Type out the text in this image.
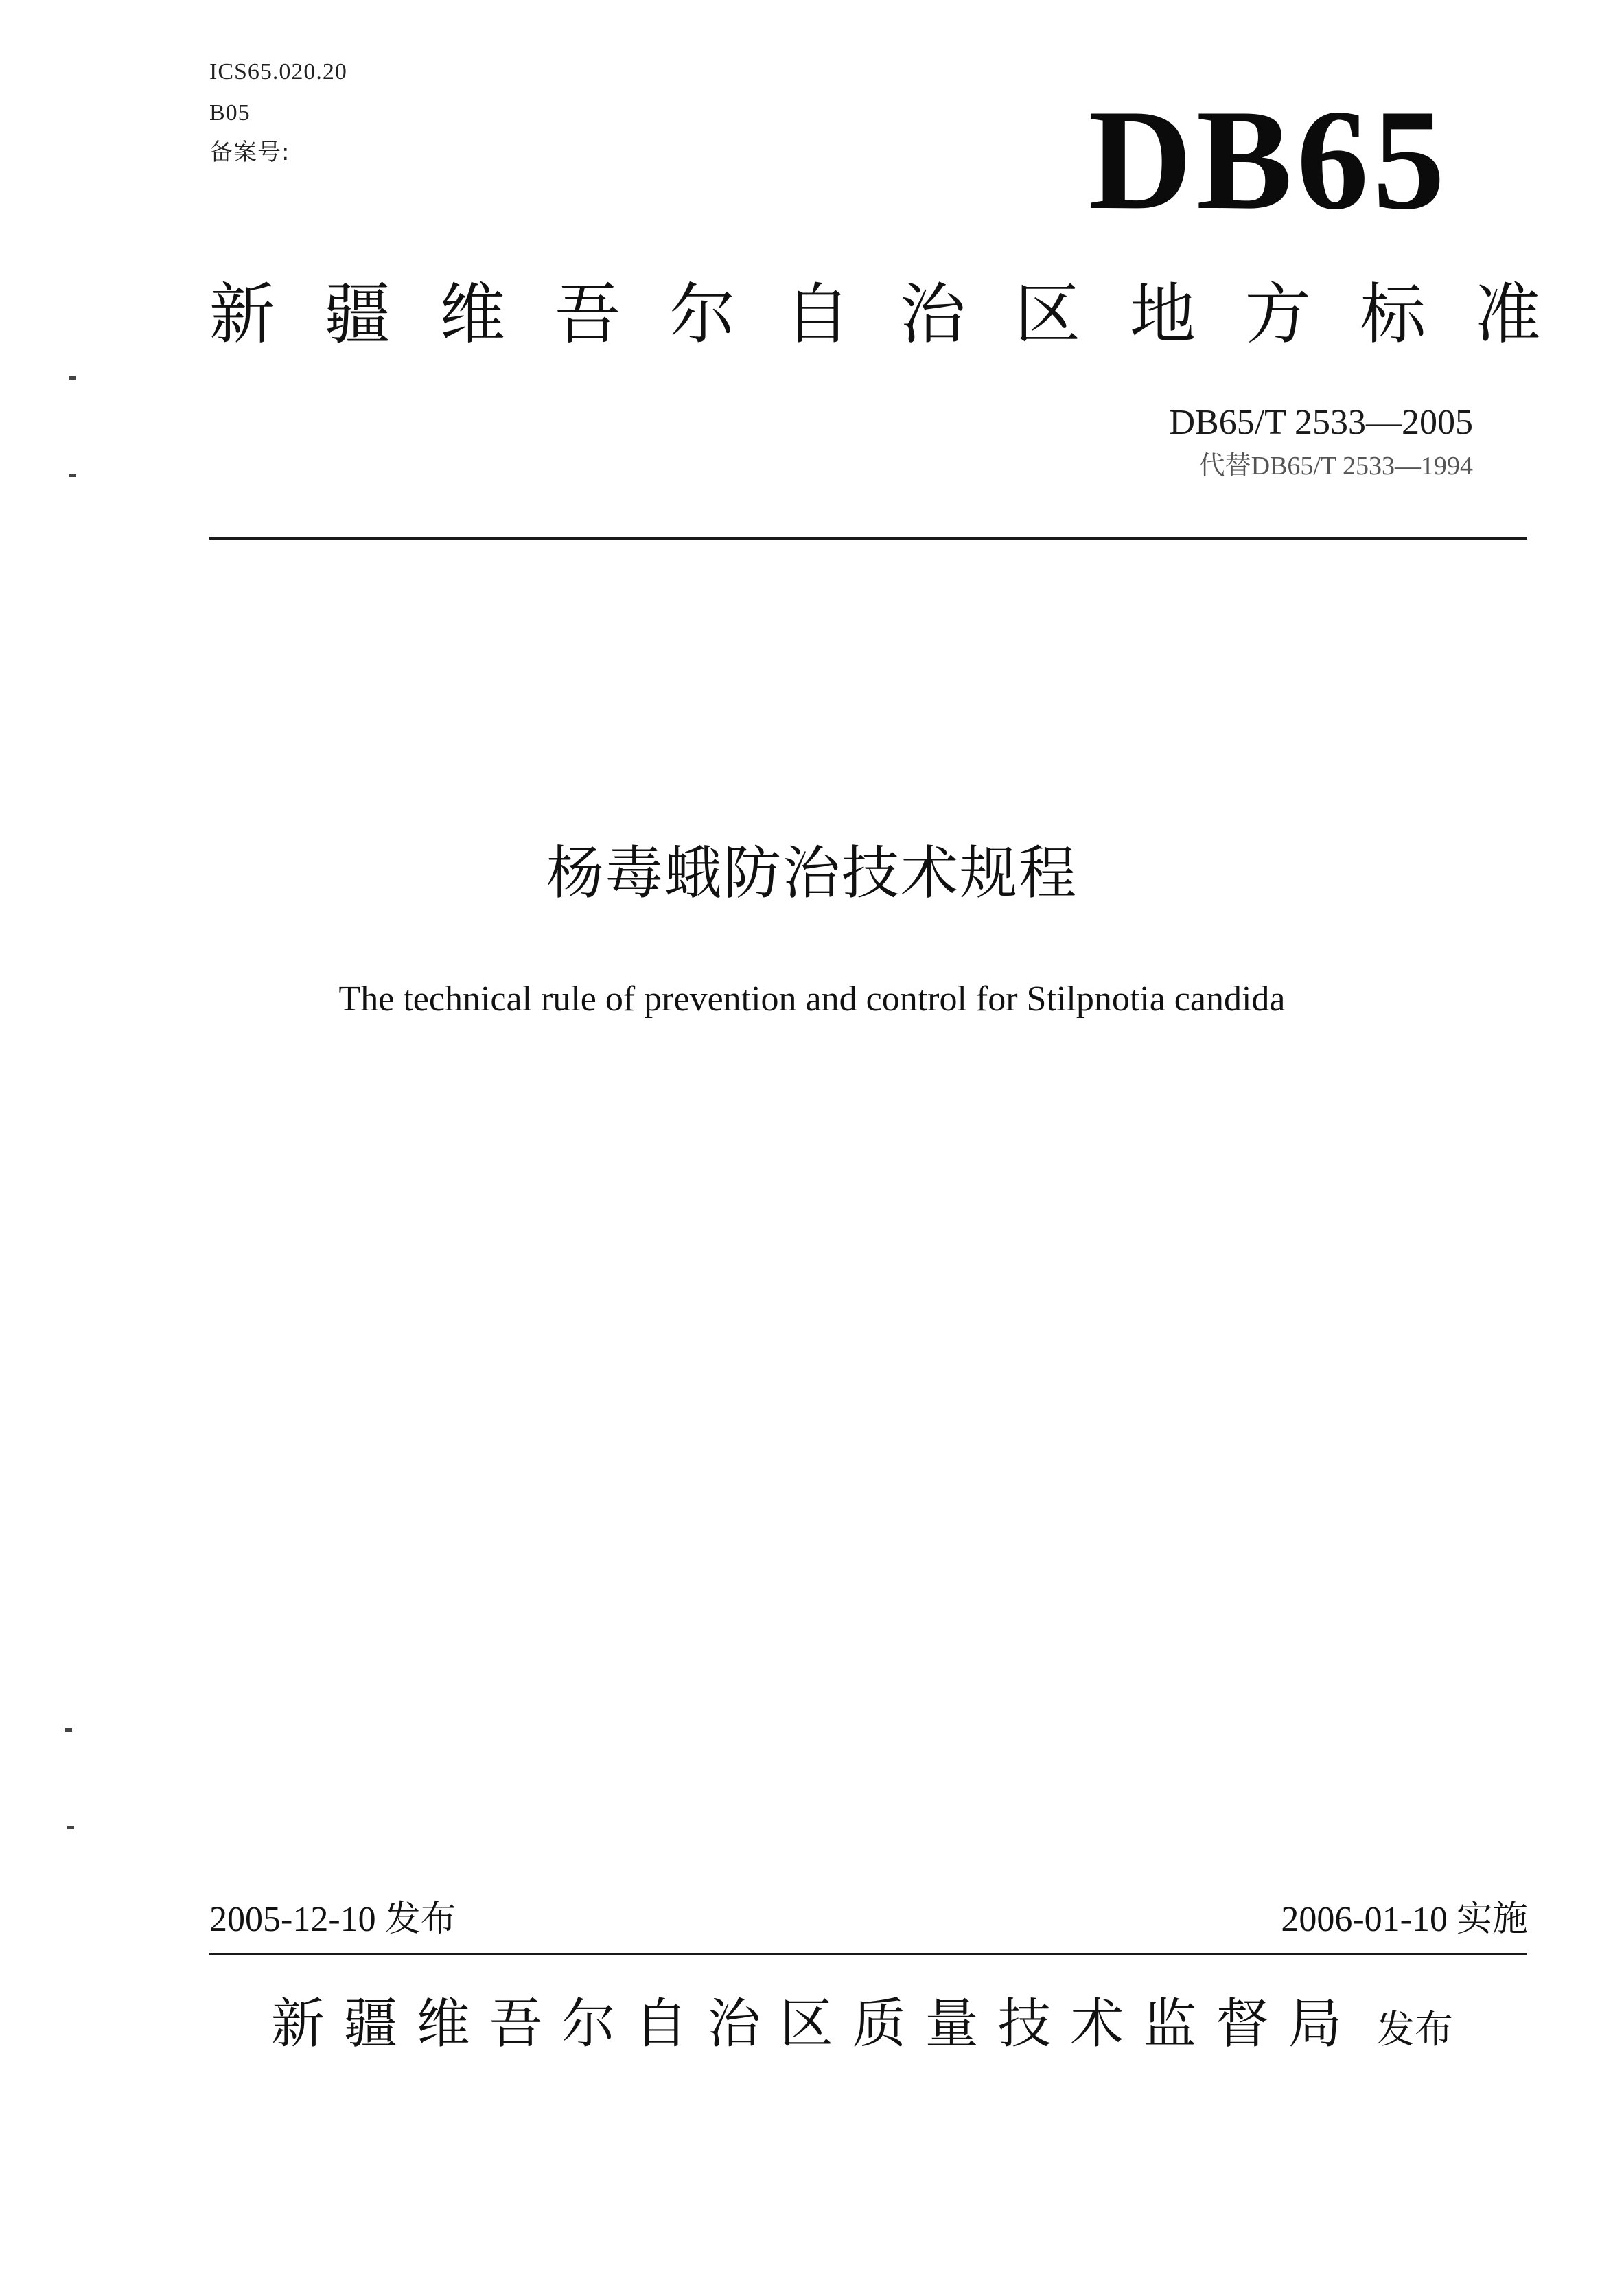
ICS65.020.20
B05
备案号:	DB65
新 疆 维 吾 尔 自 治 区 地 方 标 准
DB65/T 2533—2005
代替DB65/T 2533—1994
杨毒蛾防治技术规程
The technical rule of prevention and control for Stilpnotia candida
2005-12-10 发布	2006-01-10 实施
新 疆 维 吾 尔 自 治 区 质 量 技 术 监 督 局 发布
